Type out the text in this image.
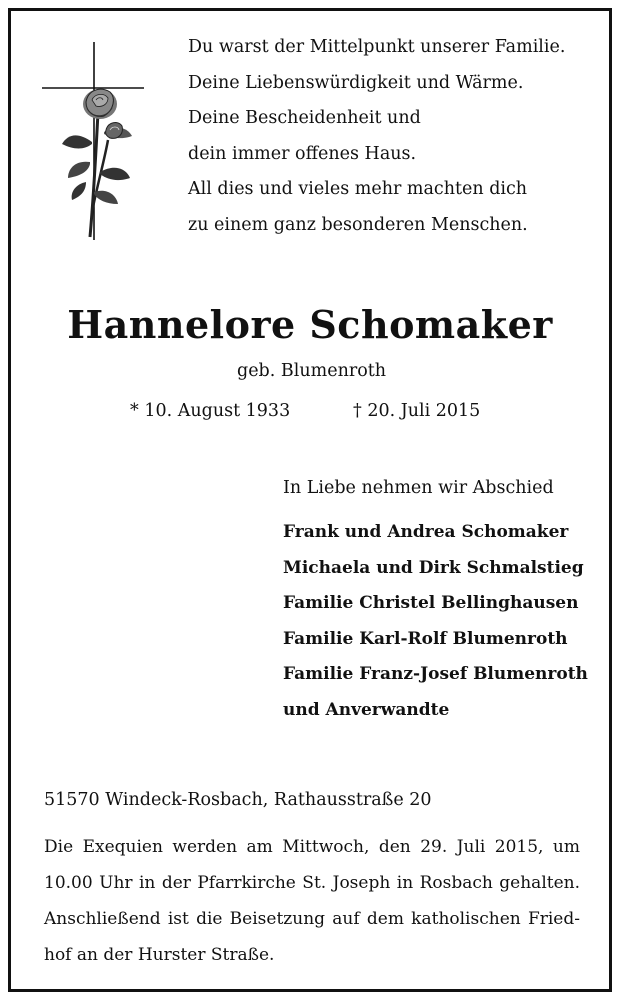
Du warst der Mittelpunkt unserer Familie.
Deine Liebenswürdigkeit und Wärme.
Deine Bescheidenheit und
dein immer offenes Haus.
All dies und vieles mehr machten dich
zu einem ganz besonderen Menschen.
Hannelore Schomaker
geb. Blumenroth
* 10. August 1933	† 20. Juli 2015
In Liebe nehmen wir Abschied
Frank und Andrea Schomaker
Michaela und Dirk Schmalstieg
Familie Christel Bellinghausen
Familie Karl-Rolf Blumenroth
Familie Franz-Josef Blumenroth
und Anverwandte
51570 Windeck-Rosbach, Rathausstraße 20
Die Exequien werden am Mittwoch, den 29. Juli 2015, um
10.00 Uhr in der Pfarrkirche St. Joseph in Rosbach gehalten.
Anschließend ist die Beisetzung auf dem katholischen Fried-
hof an der Hurster Straße.
